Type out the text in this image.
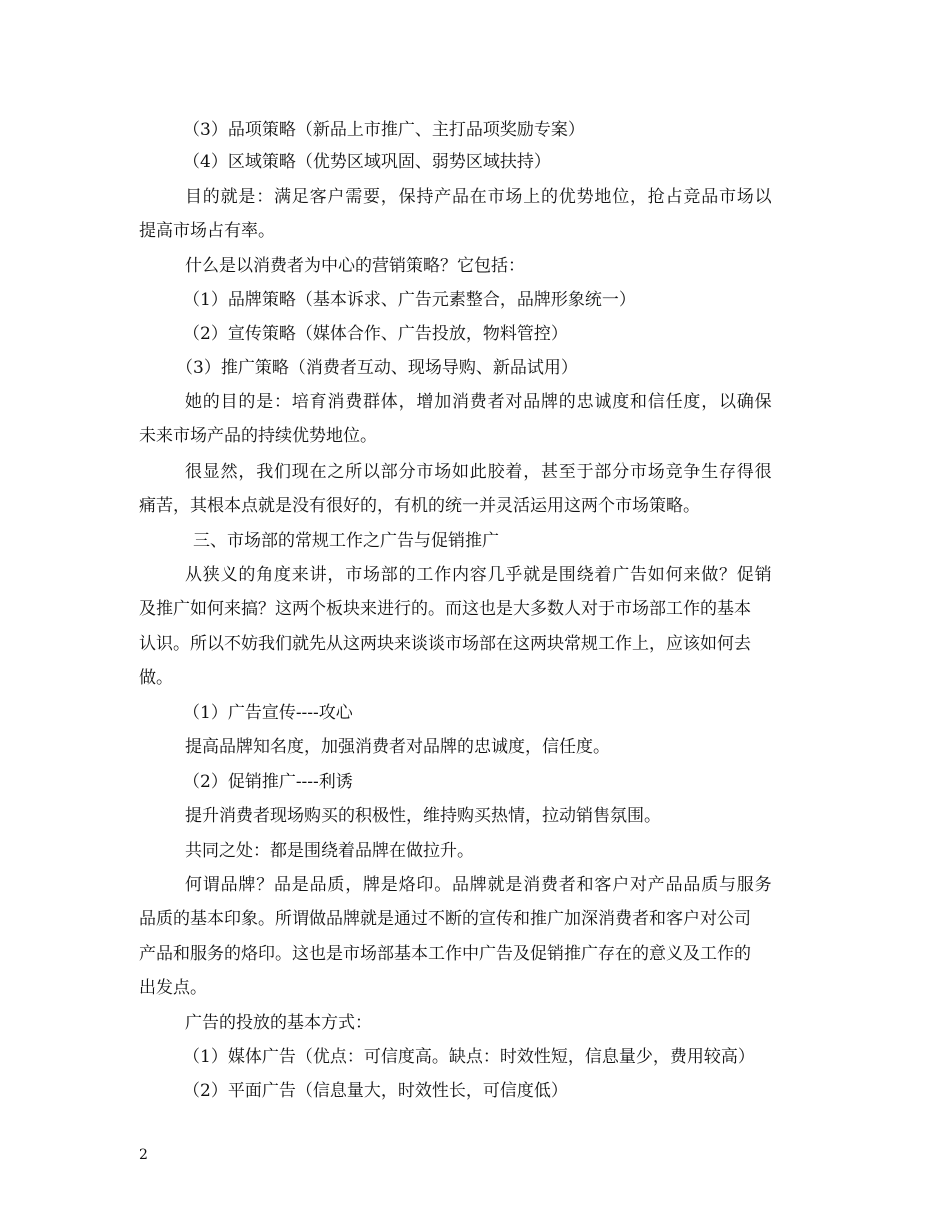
（3）品项策略（新品上市推广、主打品项奖励专案）
（4）区域策略（优势区域巩固、弱势区域扶持）
目的就是：满足客户需要，保持产品在市场上的优势地位，抢占竞品市场以
提高市场占有率。
什么是以消费者为中心的营销策略？它包括：
（1）品牌策略（基本诉求、广告元素整合，品牌形象统一）
（2）宣传策略（媒体合作、广告投放，物料管控）
（3）推广策略（消费者互动、现场导购、新品试用）
她的目的是：培育消费群体，增加消费者对品牌的忠诚度和信任度，以确保
未来市场产品的持续优势地位。
很显然，我们现在之所以部分市场如此胶着，甚至于部分市场竞争生存得很
痛苦，其根本点就是没有很好的，有机的统一并灵活运用这两个市场策略。
三、市场部的常规工作之广告与促销推广
从狭义的角度来讲，市场部的工作内容几乎就是围绕着广告如何来做？促销
及推广如何来搞？这两个板块来进行的。而这也是大多数人对于市场部工作的基本
认识。所以不妨我们就先从这两块来谈谈市场部在这两块常规工作上，应该如何去
做。
（1）广告宣传----攻心
提高品牌知名度，加强消费者对品牌的忠诚度，信任度。
（2）促销推广----利诱
提升消费者现场购买的积极性，维持购买热情，拉动销售氛围。
共同之处：都是围绕着品牌在做拉升。
何谓品牌？品是品质，牌是烙印。品牌就是消费者和客户对产品品质与服务
品质的基本印象。所谓做品牌就是通过不断的宣传和推广加深消费者和客户对公司
产品和服务的烙印。这也是市场部基本工作中广告及促销推广存在的意义及工作的
出发点。
广告的投放的基本方式：
（1）媒体广告（优点：可信度高。缺点：时效性短，信息量少，费用较高）
（2）平面广告（信息量大，时效性长，可信度低）
2
